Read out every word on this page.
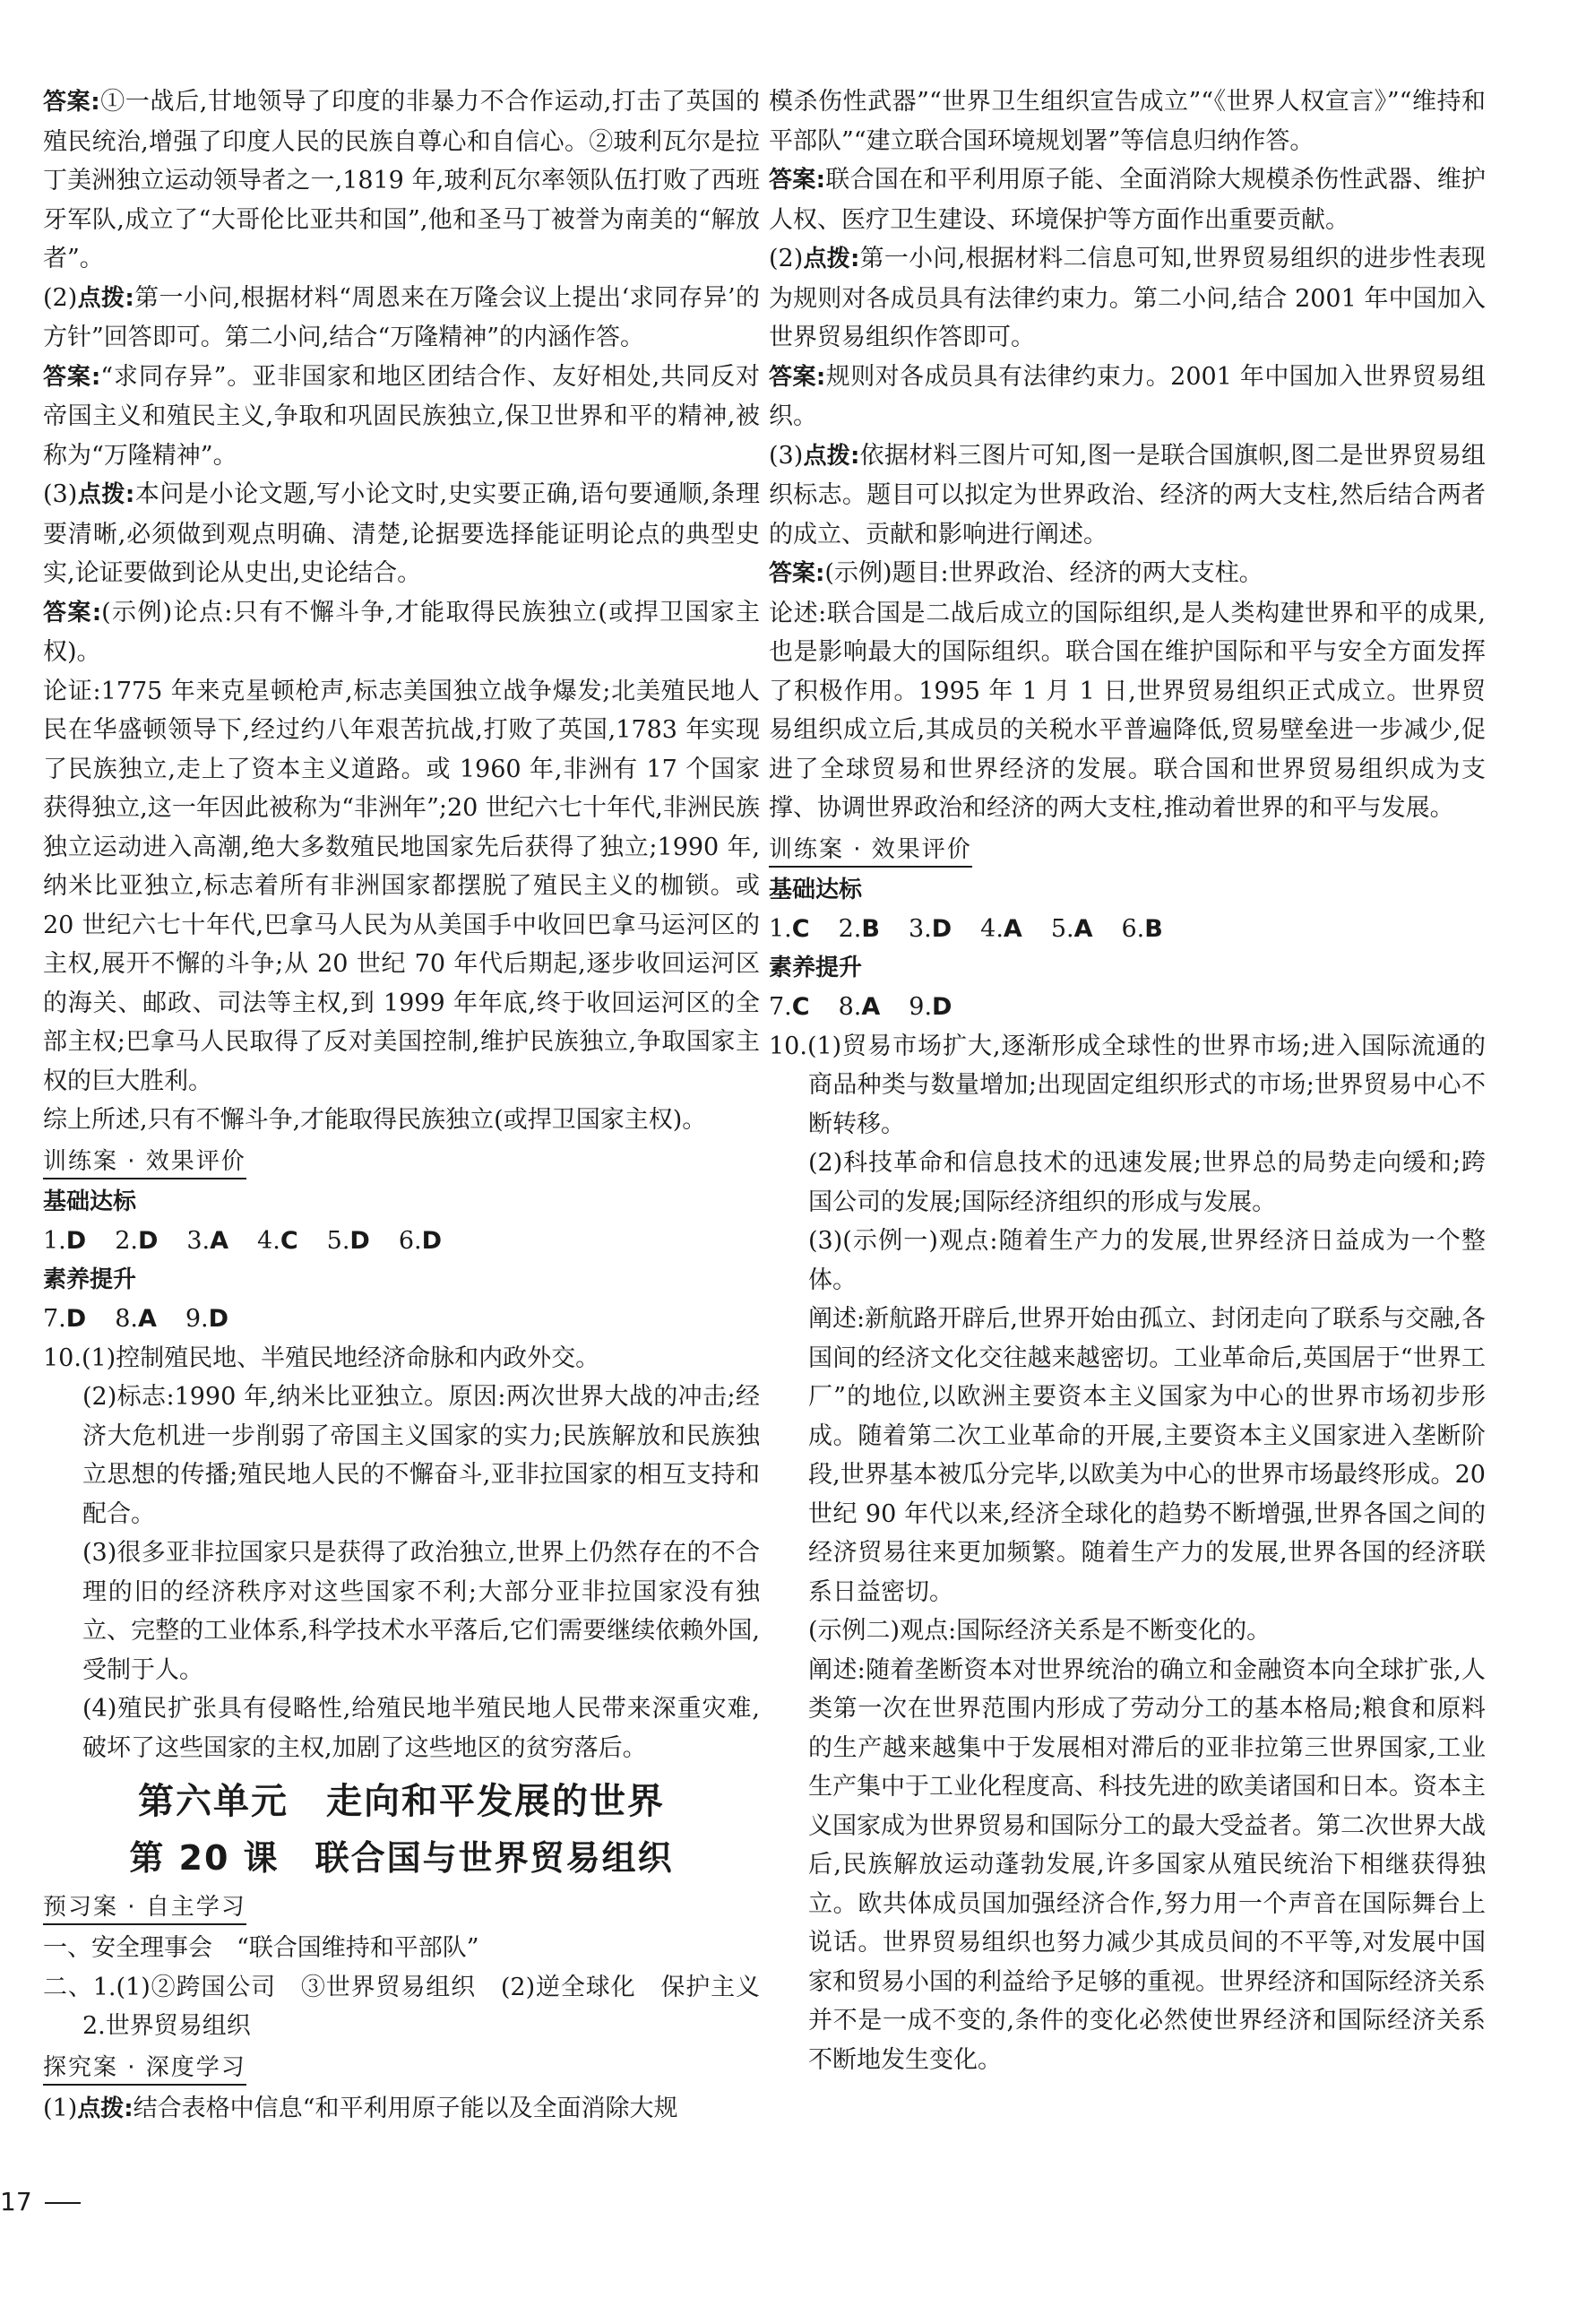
答案:①一战后,甘地领导了印度的非暴力不合作运动,打击了英国的殖民统治,增强了印度人民的民族自尊心和自信心。②玻利瓦尔是拉丁美洲独立运动领导者之一,1819 年,玻利瓦尔率领队伍打败了西班牙军队,成立了“大哥伦比亚共和国”,他和圣马丁被誉为南美的“解放者”。

(2)点拨:第一小问,根据材料“周恩来在万隆会议上提出‘求同存异’的方针”回答即可。第二小问,结合“万隆精神”的内涵作答。

答案:“求同存异”。亚非国家和地区团结合作、友好相处,共同反对帝国主义和殖民主义,争取和巩固民族独立,保卫世界和平的精神,被称为“万隆精神”。

(3)点拨:本问是小论文题,写小论文时,史实要正确,语句要通顺,条理要清晰,必须做到观点明确、清楚,论据要选择能证明论点的典型史实,论证要做到论从史出,史论结合。

答案:(示例)论点:只有不懈斗争,才能取得民族独立(或捍卫国家主权)。

论证:1775 年来克星顿枪声,标志美国独立战争爆发;北美殖民地人民在华盛顿领导下,经过约八年艰苦抗战,打败了英国,1783 年实现了民族独立,走上了资本主义道路。或 1960 年,非洲有 17 个国家获得独立,这一年因此被称为“非洲年”;20 世纪六七十年代,非洲民族独立运动进入高潮,绝大多数殖民地国家先后获得了独立;1990 年,纳米比亚独立,标志着所有非洲国家都摆脱了殖民主义的枷锁。或 20 世纪六七十年代,巴拿马人民为从美国手中收回巴拿马运河区的主权,展开不懈的斗争;从 20 世纪 70 年代后期起,逐步收回运河区的海关、邮政、司法等主权,到 1999 年年底,终于收回运河区的全部主权;巴拿马人民取得了反对美国控制,维护民族独立,争取国家主权的巨大胜利。

综上所述,只有不懈斗争,才能取得民族独立(或捍卫国家主权)。

训练案 · 效果评价
基础达标
1.D 2.D 3.A 4.C 5.D 6.D
素养提升
7.D 8.A 9.D

10.(1)控制殖民地、半殖民地经济命脉和内政外交。

(2)标志:1990 年,纳米比亚独立。原因:两次世界大战的冲击;经济大危机进一步削弱了帝国主义国家的实力;民族解放和民族独立思想的传播;殖民地人民的不懈奋斗,亚非拉国家的相互支持和配合。

(3)很多亚非拉国家只是获得了政治独立,世界上仍然存在的不合理的旧的经济秩序对这些国家不利;大部分亚非拉国家没有独立、完整的工业体系,科学技术水平落后,它们需要继续依赖外国,受制于人。

(4)殖民扩张具有侵略性,给殖民地半殖民地人民带来深重灾难,破坏了这些国家的主权,加剧了这些地区的贫穷落后。

第六单元　走向和平发展的世界
第 20 课　联合国与世界贸易组织
预习案 · 自主学习

一、安全理事会　“联合国维持和平部队”

二、1.(1)②跨国公司　③世界贸易组织　(2)逆全球化　保护主义　2.世界贸易组织

探究案 · 深度学习

(1)点拨:结合表格中信息“和平利用原子能以及全面消除大规

模杀伤性武器”“世界卫生组织宣告成立”“《世界人权宣言》”“维持和平部队”“建立联合国环境规划署”等信息归纳作答。

答案:联合国在和平利用原子能、全面消除大规模杀伤性武器、维护人权、医疗卫生建设、环境保护等方面作出重要贡献。

(2)点拨:第一小问,根据材料二信息可知,世界贸易组织的进步性表现为规则对各成员具有法律约束力。第二小问,结合 2001 年中国加入世界贸易组织作答即可。

答案:规则对各成员具有法律约束力。2001 年中国加入世界贸易组织。

(3)点拨:依据材料三图片可知,图一是联合国旗帜,图二是世界贸易组织标志。题目可以拟定为世界政治、经济的两大支柱,然后结合两者的成立、贡献和影响进行阐述。

答案:(示例)题目:世界政治、经济的两大支柱。

论述:联合国是二战后成立的国际组织,是人类构建世界和平的成果,也是影响最大的国际组织。联合国在维护国际和平与安全方面发挥了积极作用。1995 年 1 月 1 日,世界贸易组织正式成立。世界贸易组织成立后,其成员的关税水平普遍降低,贸易壁垒进一步减少,促进了全球贸易和世界经济的发展。联合国和世界贸易组织成为支撑、协调世界政治和经济的两大支柱,推动着世界的和平与发展。

训练案 · 效果评价
基础达标
1.C 2.B 3.D 4.A 5.A 6.B
素养提升
7.C 8.A 9.D

10.(1)贸易市场扩大,逐渐形成全球性的世界市场;进入国际流通的商品种类与数量增加;出现固定组织形式的市场;世界贸易中心不断转移。

(2)科技革命和信息技术的迅速发展;世界总的局势走向缓和;跨国公司的发展;国际经济组织的形成与发展。

(3)(示例一)观点:随着生产力的发展,世界经济日益成为一个整体。

阐述:新航路开辟后,世界开始由孤立、封闭走向了联系与交融,各国间的经济文化交往越来越密切。工业革命后,英国居于“世界工厂”的地位,以欧洲主要资本主义国家为中心的世界市场初步形成。随着第二次工业革命的开展,主要资本主义国家进入垄断阶段,世界基本被瓜分完毕,以欧美为中心的世界市场最终形成。20 世纪 90 年代以来,经济全球化的趋势不断增强,世界各国之间的经济贸易往来更加频繁。随着生产力的发展,世界各国的经济联系日益密切。

(示例二)观点:国际经济关系是不断变化的。

阐述:随着垄断资本对世界统治的确立和金融资本向全球扩张,人类第一次在世界范围内形成了劳动分工的基本格局;粮食和原料的生产越来越集中于发展相对滞后的亚非拉第三世界国家,工业生产集中于工业化程度高、科技先进的欧美诸国和日本。资本主义国家成为世界贸易和国际分工的最大受益者。第二次世界大战后,民族解放运动蓬勃发展,许多国家从殖民统治下相继获得独立。欧共体成员国加强经济合作,努力用一个声音在国际舞台上说话。世界贸易组织也努力减少其成员间的不平等,对发展中国家和贸易小国的利益给予足够的重视。世界经济和国际经济关系并不是一成不变的,条件的变化必然使世界经济和国际经济关系不断地发生变化。

17
